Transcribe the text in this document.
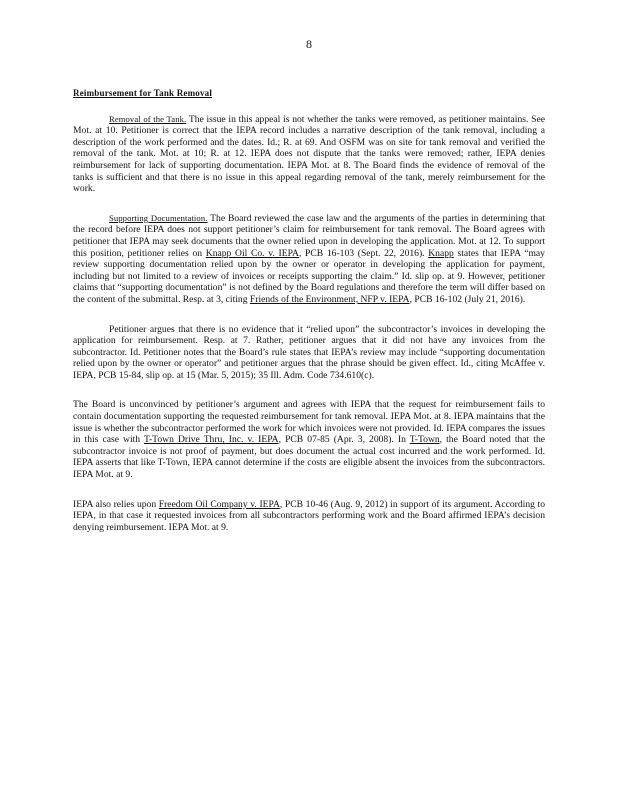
8
Reimbursement for Tank Removal

Removal of the Tank. The issue in this appeal is not whether the tanks were removed, as petitioner maintains. See Mot. at 10. Petitioner is correct that the IEPA record includes a narrative description of the tank removal, including a description of the work performed and the dates. Id.; R. at 69. And OSFM was on site for tank removal and verified the removal of the tank. Mot. at 10; R. at 12. IEPA does not dispute that the tanks were removed; rather, IEPA denies reimbursement for lack of supporting documentation. IEPA Mot. at 8. The Board finds the evidence of removal of the tanks is sufficient and that there is no issue in this appeal regarding removal of the tank, merely reimbursement for the work.

Supporting Documentation. The Board reviewed the case law and the arguments of the parties in determining that the record before IEPA does not support petitioner’s claim for reimbursement for tank removal. The Board agrees with petitioner that IEPA may seek documents that the owner relied upon in developing the application. Mot. at 12. To support this position, petitioner relies on Knapp Oil Co. v. IEPA, PCB 16-103 (Sept. 22, 2016). Knapp states that IEPA “may review supporting documentation relied upon by the owner or operator in developing the application for payment, including but not limited to a review of invoices or receipts supporting the claim.” Id. slip op. at 9. However, petitioner claims that “supporting documentation” is not defined by the Board regulations and therefore the term will differ based on the content of the submittal. Resp. at 3, citing Friends of the Environment, NFP v. IEPA, PCB 16-102 (July 21, 2016).

Petitioner argues that there is no evidence that it “relied upon” the subcontractor’s invoices in developing the application for reimbursement. Resp. at 7. Rather, petitioner argues that it did not have any invoices from the subcontractor. Id. Petitioner notes that the Board’s rule states that IEPA’s review may include “supporting documentation relied upon by the owner or operator” and petitioner argues that the phrase should be given effect. Id., citing McAffee v. IEPA, PCB 15-84, slip op. at 15 (Mar. 5, 2015); 35 Ill. Adm. Code 734.610(c).

The Board is unconvinced by petitioner’s argument and agrees with IEPA that the request for reimbursement fails to contain documentation supporting the requested reimbursement for tank removal. IEPA Mot. at 8. IEPA maintains that the issue is whether the subcontractor performed the work for which invoices were not provided. Id. IEPA compares the issues in this case with T-Town Drive Thru, Inc. v. IEPA, PCB 07-85 (Apr. 3, 2008). In T-Town, the Board noted that the subcontractor invoice is not proof of payment, but does document the actual cost incurred and the work performed. Id. IEPA asserts that like T-Town, IEPA cannot determine if the costs are eligible absent the invoices from the subcontractors. IEPA Mot. at 9.

IEPA also relies upon Freedom Oil Company v. IEPA, PCB 10-46 (Aug. 9, 2012) in support of its argument. According to IEPA, in that case it requested invoices from all subcontractors performing work and the Board affirmed IEPA’s decision denying reimbursement. IEPA Mot. at 9.
